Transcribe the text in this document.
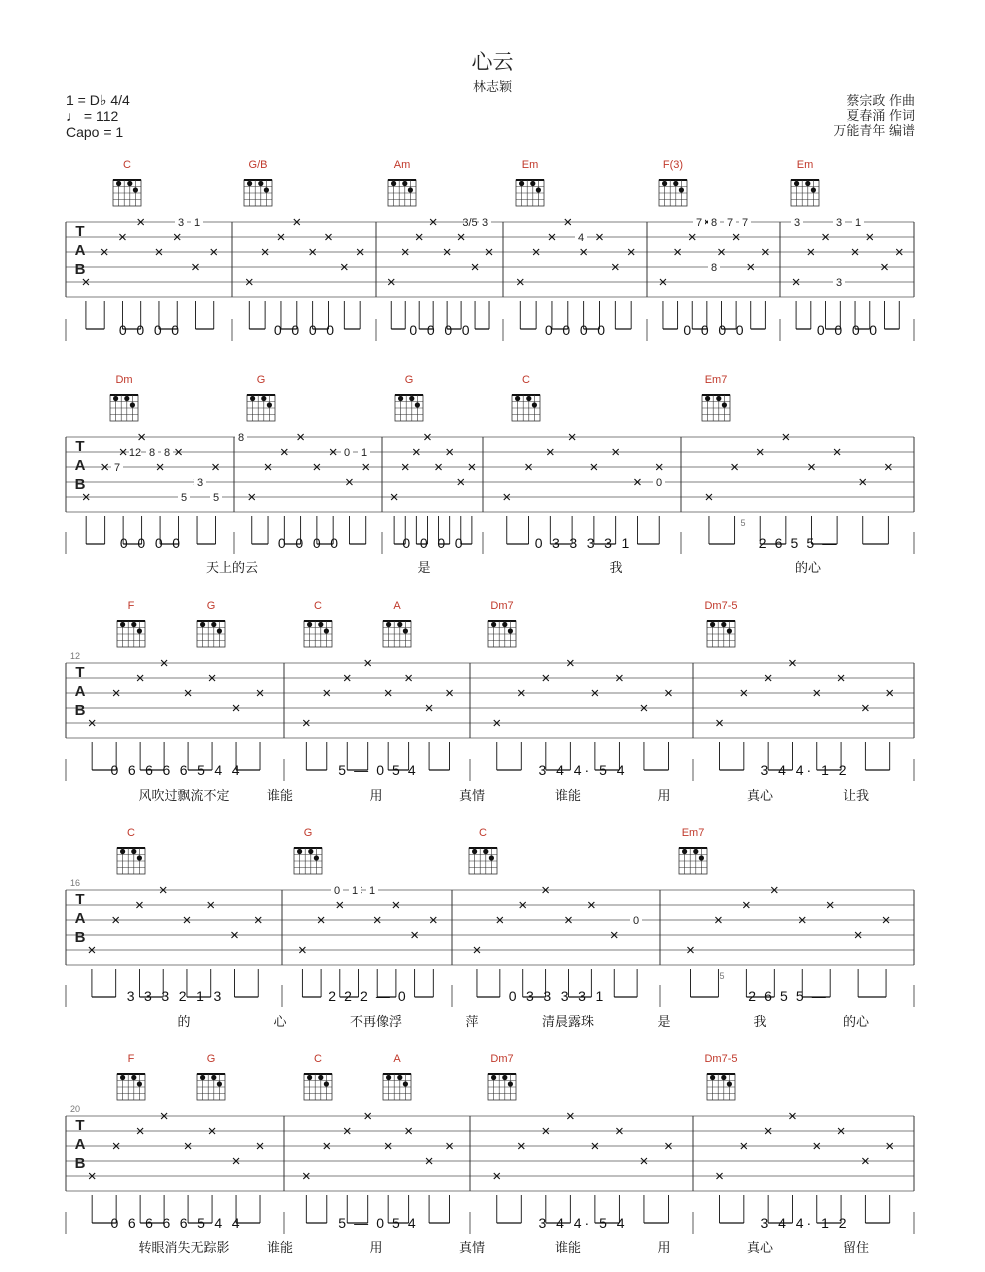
心云
林志颖
1 = D♭ 4/4
♩ = 112
Capo = 1
蔡宗政 作曲
夏春涌 作词
万能青年 编谱
T
A
B
C	G/B	Am	Em	F(3)	Em
3 1	3/5 3
4
7 8 7 7
8
3	3 1
3
0 0 0 0	0 0 0 0	0 0 0 0	0 0 0 0	0 0 0 0	0 0 0 0
T
A
B
Dm	G	G	C	Em7
12 8 8
7
3
5 5
8
0 1
0
0 0 0 0	0 0 0 0	0 0 0 0	0 3 3 3 3 1	2 6 5 5 —
5
天上的云	是	我	的心
T
A
B
12
F	G	C	A	Dm7	Dm7-5
0 6 6 6 6 5 4 4	5 — 0 5 4	3 4 4· 5 4	3 4 4· 1 2
风吹过飘流不定	谁能	用	真情	谁能	用	真心	让我
T
A
B
16
C	G	C	Em7
0 1 1
0
3 3 3 2 1 3	2 2 2 — 0	0 3 3 3 3 1	2 6 5 5 —
5
的	心	不再像浮	萍	清晨露珠	是	我	的心
T
A
B
20
F	G	C	A	Dm7	Dm7-5
0 6 6 6 6 5 4 4	5 — 0 5 4	3 4 4· 5 4	3 4 4· 1 2
转眼消失无踪影	谁能	用	真情	谁能	用	真心	留住
